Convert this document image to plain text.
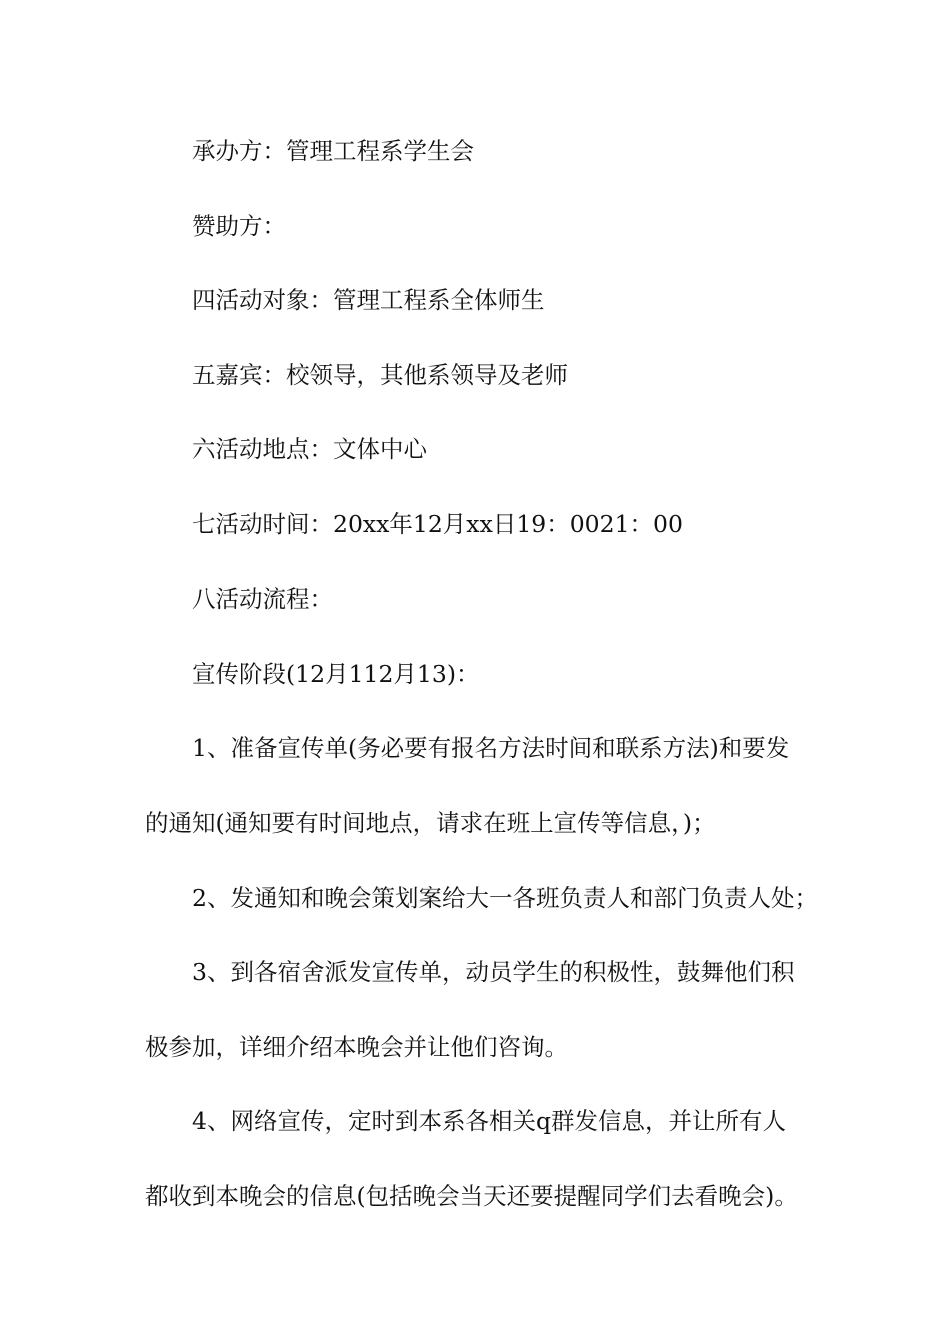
承办方：管理工程系学生会
赞助方：
四活动对象：管理工程系全体师生
五嘉宾：校领导，其他系领导及老师
六活动地点：文体中心
七活动时间：20xx年12月xx日19：0021：00
八活动流程：
宣传阶段(12月112月13)：
1、准备宣传单(务必要有报名方法时间和联系方法)和要发
的通知(通知要有时间地点，请求在班上宣传等信息，)；
2、发通知和晚会策划案给大一各班负责人和部门负责人处；
3、到各宿舍派发宣传单，动员学生的积极性，鼓舞他们积
极参加，详细介绍本晚会并让他们咨询。
4、网络宣传，定时到本系各相关q群发信息，并让所有人
都收到本晚会的信息(包括晚会当天还要提醒同学们去看晚会)。
